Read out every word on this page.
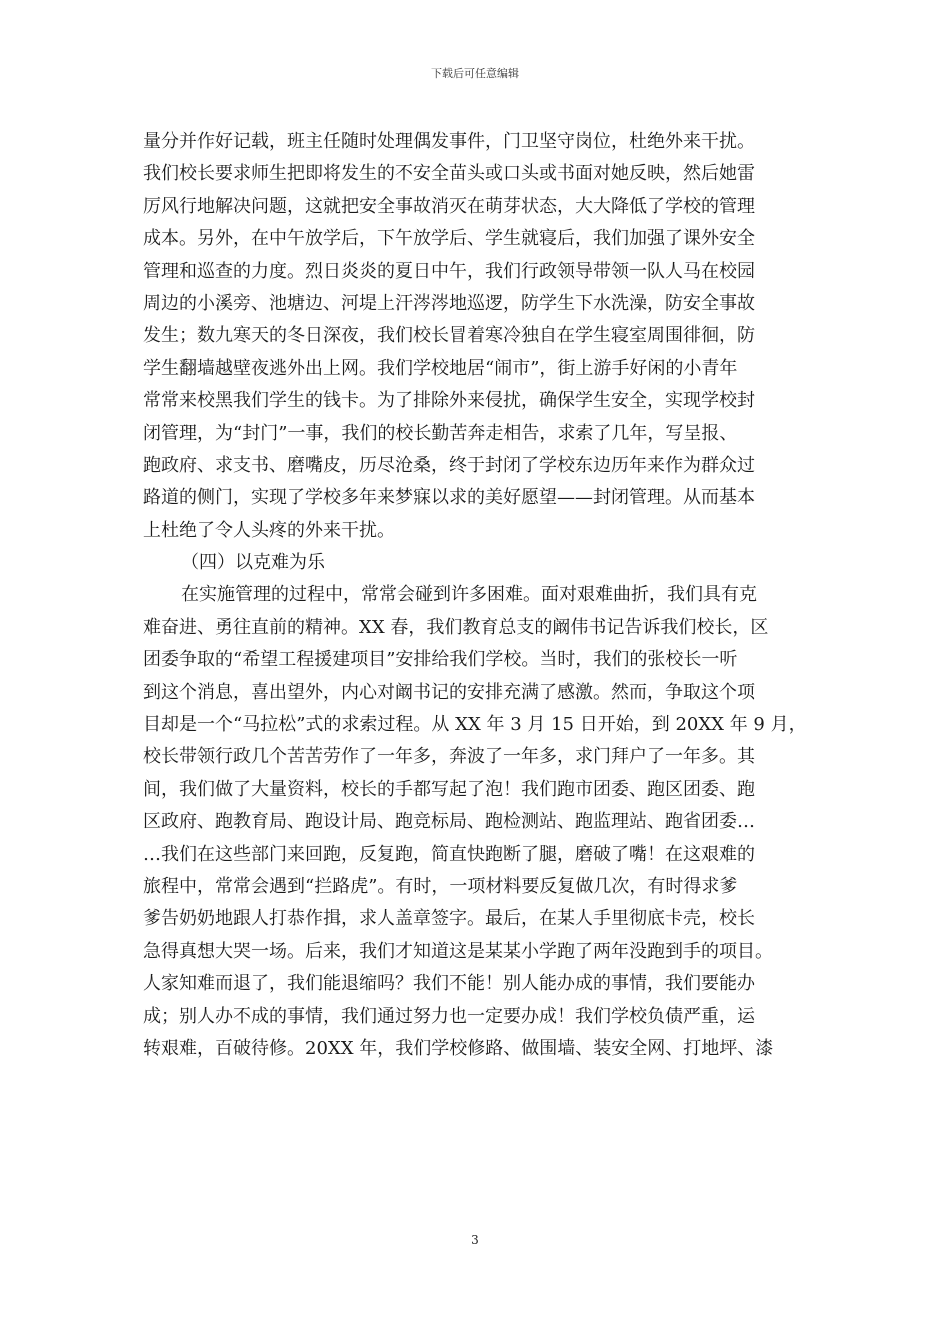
下载后可任意编辑
量分并作好记载，班主任随时处理偶发事件，门卫坚守岗位，杜绝外来干扰。
我们校长要求师生把即将发生的不安全苗头或口头或书面对她反映，然后她雷
厉风行地解决问题，这就把安全事故消灭在萌芽状态，大大降低了学校的管理
成本。另外，在中午放学后，下午放学后、学生就寝后，我们加强了课外安全
管理和巡查的力度。烈日炎炎的夏日中午，我们行政领导带领一队人马在校园
周边的小溪旁、池塘边、河堤上汗涔涔地巡逻，防学生下水洗澡，防安全事故
发生；数九寒天的冬日深夜，我们校长冒着寒冷独自在学生寝室周围徘徊，防
学生翻墙越壁夜逃外出上网。我们学校地居“闹市”，街上游手好闲的小青年
常常来校黑我们学生的钱卡。为了排除外来侵扰，确保学生安全，实现学校封
闭管理，为“封门”一事，我们的校长勤苦奔走相告，求索了几年，写呈报、
跑政府、求支书、磨嘴皮，历尽沧桑，终于封闭了学校东边历年来作为群众过
路道的侧门，实现了学校多年来梦寐以求的美好愿望——封闭管理。从而基本
上杜绝了令人头疼的外来干扰。
（四）以克难为乐
在实施管理的过程中，常常会碰到许多困难。面对艰难曲折，我们具有克
难奋进、勇往直前的精神。XX 春，我们教育总支的阚伟书记告诉我们校长，区
团委争取的“希望工程援建项目”安排给我们学校。当时，我们的张校长一听
到这个消息，喜出望外，内心对阚书记的安排充满了感激。然而，争取这个项
目却是一个“马拉松”式的求索过程。从 XX 年 3 月 15 日开始，到 20XX 年 9 月，
校长带领行政几个苦苦劳作了一年多，奔波了一年多，求门拜户了一年多。其
间，我们做了大量资料，校长的手都写起了泡！我们跑市团委、跑区团委、跑
区政府、跑教育局、跑设计局、跑竞标局、跑检测站、跑监理站、跑省团委…
…我们在这些部门来回跑，反复跑，简直快跑断了腿，磨破了嘴！在这艰难的
旅程中，常常会遇到“拦路虎”。有时，一项材料要反复做几次，有时得求爹
爹告奶奶地跟人打恭作揖，求人盖章签字。最后，在某人手里彻底卡壳，校长
急得真想大哭一场。后来，我们才知道这是某某小学跑了两年没跑到手的项目。
人家知难而退了，我们能退缩吗？我们不能！别人能办成的事情，我们要能办
成；别人办不成的事情，我们通过努力也一定要办成！我们学校负债严重，运
转艰难，百破待修。20XX 年，我们学校修路、做围墙、装安全网、打地坪、漆
3
